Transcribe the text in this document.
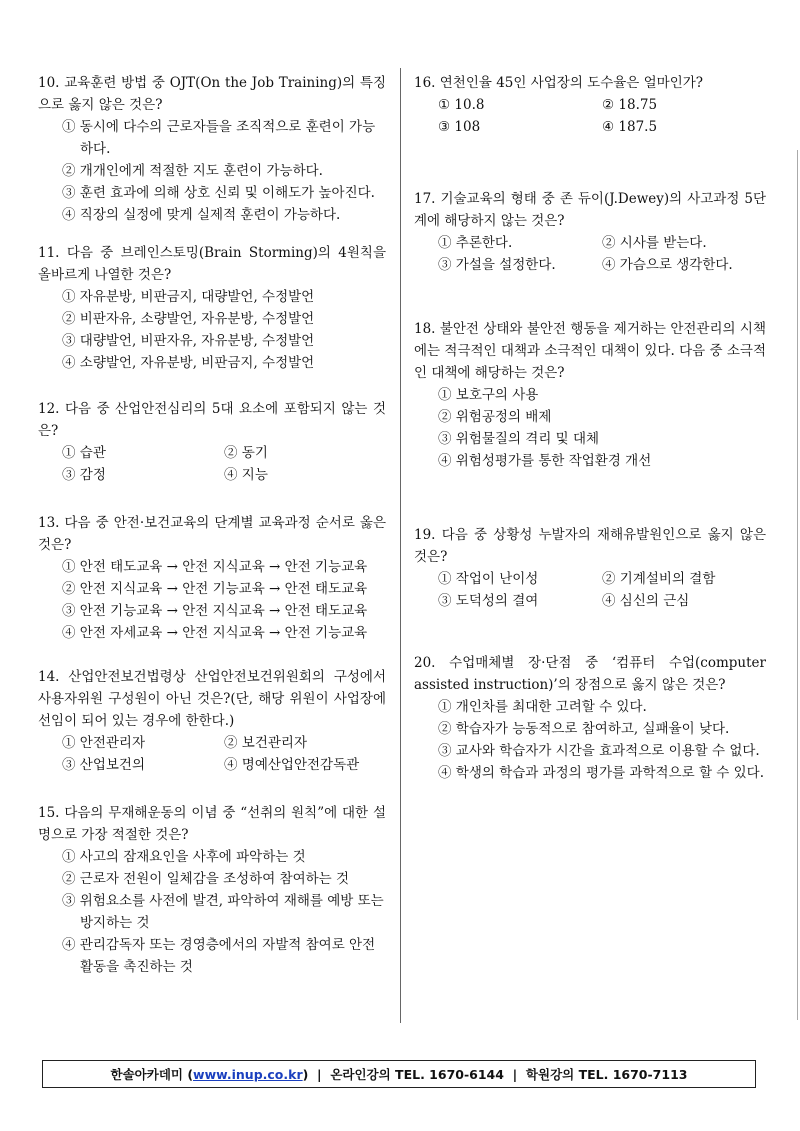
10. 교육훈련 방법 중 OJT(On the Job Training)의 특징으로 옳지 않은 것은?

① 동시에 다수의 근로자들을 조직적으로 훈련이 가능하다.

② 개개인에게 적절한 지도 훈련이 가능하다.

③ 훈련 효과에 의해 상호 신뢰 및 이해도가 높아진다.

④ 직장의 실정에 맞게 실제적 훈련이 가능하다.

11. 다음 중 브레인스토밍(Brain Storming)의 4원칙을 올바르게 나열한 것은?

① 자유분방, 비판금지, 대량발언, 수정발언

② 비판자유, 소량발언, 자유분방, 수정발언

③ 대량발언, 비판자유, 자유분방, 수정발언

④ 소량발언, 자유분방, 비판금지, 수정발언

12. 다음 중 산업안전심리의 5대 요소에 포함되지 않는 것은?

① 습관	② 동기
③ 감정	④ 지능

13. 다음 중 안전·보건교육의 단계별 교육과정 순서로 옳은 것은?

① 안전 태도교육 → 안전 지식교육 → 안전 기능교육

② 안전 지식교육 → 안전 기능교육 → 안전 태도교육

③ 안전 기능교육 → 안전 지식교육 → 안전 태도교육

④ 안전 자세교육 → 안전 지식교육 → 안전 기능교육

14. 산업안전보건법령상 산업안전보건위원회의 구성에서 사용자위원 구성원이 아닌 것은?(단, 해당 위원이 사업장에 선임이 되어 있는 경우에 한한다.)

① 안전관리자	② 보건관리자
③ 산업보건의	④ 명예산업안전감독관

15. 다음의 무재해운동의 이념 중 “선취의 원칙”에 대한 설명으로 가장 적절한 것은?

① 사고의 잠재요인을 사후에 파악하는 것

② 근로자 전원이 일체감을 조성하여 참여하는 것

③ 위험요소를 사전에 발견, 파악하여 재해를 예방 또는 방지하는 것

④ 관리감독자 또는 경영층에서의 자발적 참여로 안전 활동을 촉진하는 것

16. 연천인율 45인 사업장의 도수율은 얼마인가?

① 10.8	② 18.75
③ 108	④ 187.5

17. 기술교육의 형태 중 존 듀이(J.Dewey)의 사고과정 5단계에 해당하지 않는 것은?

① 추론한다.	② 시사를 받는다.
③ 가설을 설정한다.	④ 가슴으로 생각한다.

18. 불안전 상태와 불안전 행동을 제거하는 안전관리의 시책에는 적극적인 대책과 소극적인 대책이 있다. 다음 중 소극적인 대책에 해당하는 것은?

① 보호구의 사용

② 위험공정의 배제

③ 위험물질의 격리 및 대체

④ 위험성평가를 통한 작업환경 개선

19. 다음 중 상황성 누발자의 재해유발원인으로 옳지 않은 것은?

① 작업이 난이성	② 기계설비의 결함
③ 도덕성의 결여	④ 심신의 근심

20. 수업매체별 장·단점 중 ‘컴퓨터 수업(computer assisted instruction)’의 장점으로 옳지 않은 것은?

① 개인차를 최대한 고려할 수 있다.

② 학습자가 능동적으로 참여하고, 실패율이 낮다.

③ 교사와 학습자가 시간을 효과적으로 이용할 수 없다.

④ 학생의 학습과 과정의 평가를 과학적으로 할 수 있다.

한솔아카데미 ( www.inup.co.kr )  |  온라인강의 TEL. 1670-6144  |  학원강의 TEL. 1670-7113
